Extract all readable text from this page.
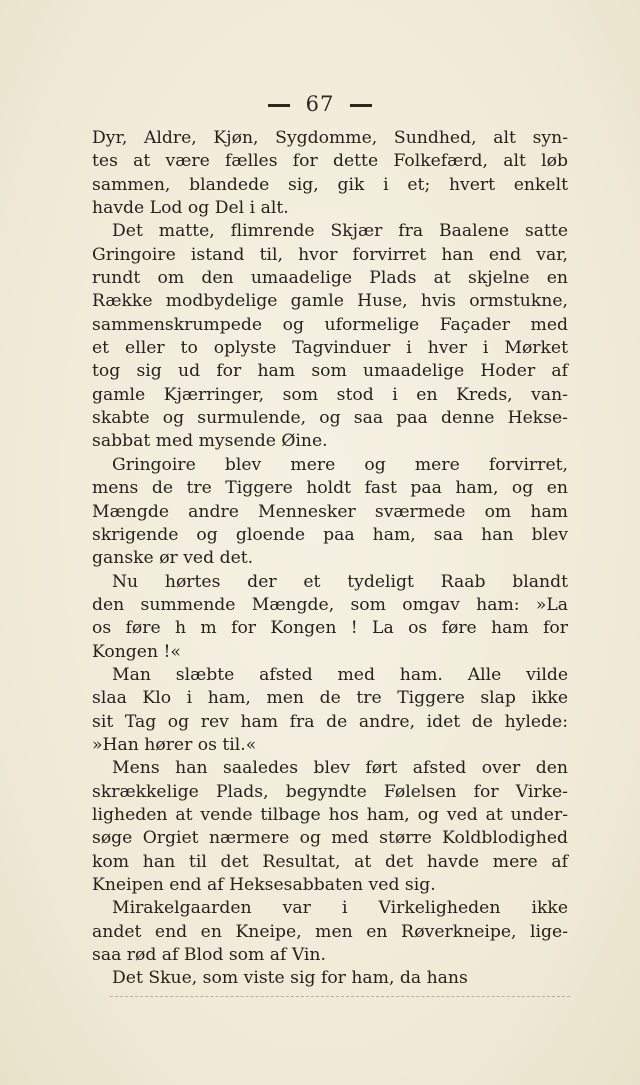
67
Dyr, Aldre, Kjøn, Sygdomme, Sundhed, alt syn-
tes at være fælles for dette Folkefærd, alt løb
sammen, blandede sig, gik i et; hvert enkelt
havde Lod og Del i alt.
Det matte, flimrende Skjær fra Baalene satte
Gringoire istand til, hvor forvirret han end var,
rundt om den umaadelige Plads at skjelne en
Række modbydelige gamle Huse, hvis ormstukne,
sammenskrumpede og uformelige Façader med
et eller to oplyste Tagvinduer i hver i Mørket
tog sig ud for ham som umaadelige Hoder af
gamle Kjærringer, som stod i en Kreds, van-
skabte og surmulende, og saa paa denne Hekse-
sabbat med mysende Øine.
Gringoire blev mere og mere forvirret,
mens de tre Tiggere holdt fast paa ham, og en
Mængde andre Mennesker sværmede om ham
skrigende og gloende paa ham, saa han blev
ganske ør ved det.
Nu hørtes der et tydeligt Raab blandt
den summende Mængde, som omgav ham: »La
os føre h m for Kongen ! La os føre ham for
Kongen !«
Man slæbte afsted med ham. Alle vilde
slaa Klo i ham, men de tre Tiggere slap ikke
sit Tag og rev ham fra de andre, idet de hylede:
»Han hører os til.«
Mens han saaledes blev ført afsted over den
skrækkelige Plads, begyndte Følelsen for Virke-
ligheden at vende tilbage hos ham, og ved at under-
søge Orgiet nærmere og med større Koldblodighed
kom han til det Resultat, at det havde mere af
Kneipen end af Heksesabbaten ved sig.
Mirakelgaarden var i Virkeligheden ikke
andet end en Kneipe, men en Røverkneipe, lige-
saa rød af Blod som af Vin.
Det Skue, som viste sig for ham, da hans
